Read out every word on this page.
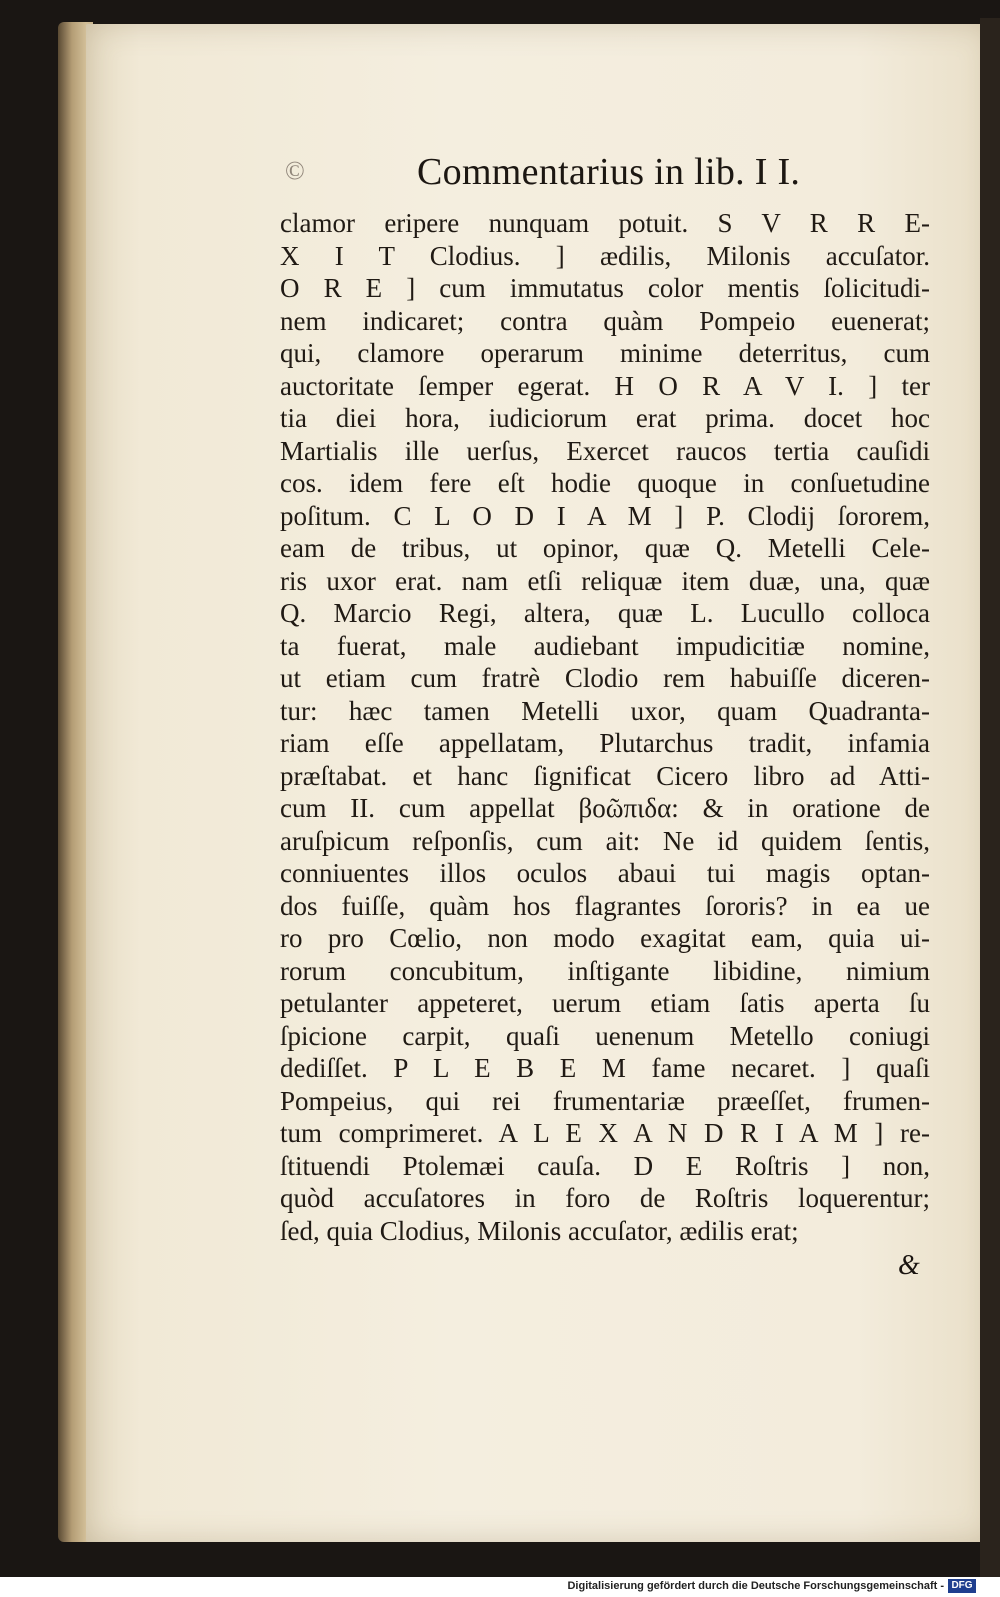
©	Commentarius in lib. I I.
clamor eripere nunquam potuit. S V R R E-
X I T Clodius. ] ædilis, Milonis accuſator.
O R E ] cum immutatus color mentis ſolicitudi-
nem indicaret; contra quàm Pompeio euenerat;
qui, clamore operarum minime deterritus, cum
auctoritate ſemper egerat. H O R A V I. ] ter
tia diei hora, iudiciorum erat prima. docet hoc
Martialis ille uerſus, Exercet raucos tertia cauſidi
cos. idem fere eſt hodie quoque in conſuetudine
poſitum. C L O D I A M ] P. Clodij ſororem,
eam de tribus, ut opinor, quæ Q. Metelli Cele-
ris uxor erat. nam etſi reliquæ item duæ, una, quæ
Q. Marcio Regi, altera, quæ L. Lucullo colloca
ta fuerat, male audiebant impudicitiæ nomine,
ut etiam cum fratrè Clodio rem habuiſſe diceren-
tur: hæc tamen Metelli uxor, quam Quadranta-
riam eſſe appellatam, Plutarchus tradit, infamia
præſtabat. et hanc ſignificat Cicero libro ad Atti-
cum II. cum appellat βοῶπιδα: & in oratione de
aruſpicum reſponſis, cum ait: Ne id quidem ſentis,
conniuentes illos oculos abaui tui magis optan-
dos fuiſſe, quàm hos flagrantes ſororis? in ea ue
ro pro Cœlio, non modo exagitat eam, quia ui-
rorum concubitum, inſtigante libidine, nimium
petulanter appeteret, uerum etiam ſatis aperta ſu
ſpicione carpit, quaſi uenenum Metello coniugi
dediſſet. P L E B E M fame necaret. ] quaſi
Pompeius, qui rei frumentariæ præeſſet, frumen-
tum comprimeret. A L E X A N D R I A M ] re-
ſtituendi Ptolemæi cauſa. D E Roſtris ] non,
quòd accuſatores in foro de Roſtris loquerentur;
ſed, quia Clodius, Milonis accuſator, ædilis erat;
&
Digitalisierung gefördert durch die Deutsche Forschungsgemeinschaft - DFG
